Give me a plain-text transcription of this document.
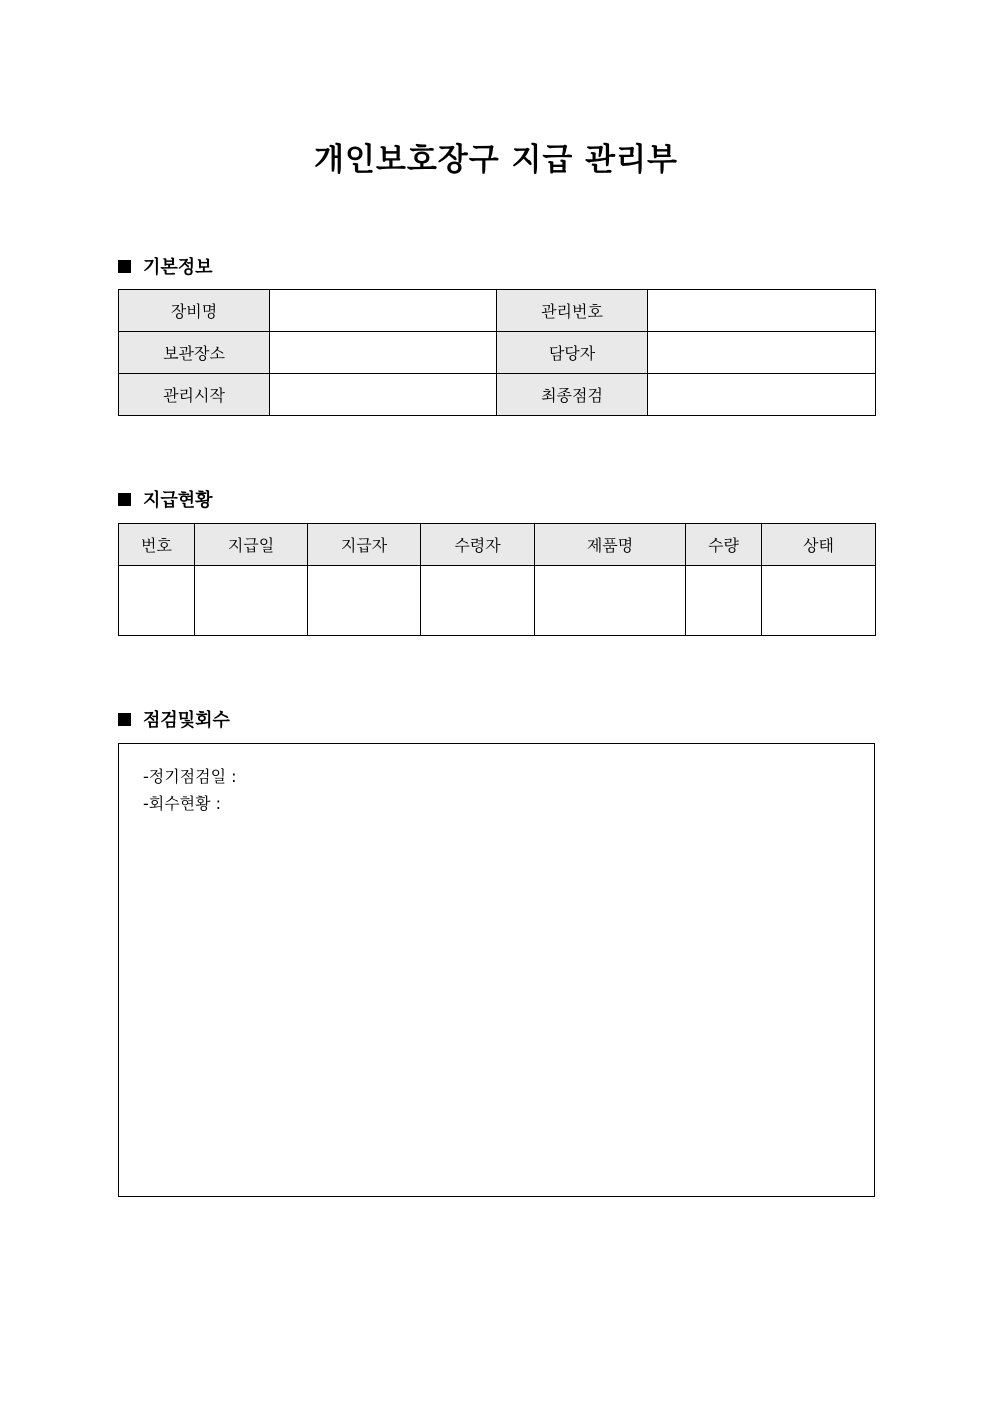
개인보호장구 지급 관리부
기본정보
장비명		관리번호	
보관장소		담당자	
관리시작		최종점검	
지급현황
번호	지급일	지급자	수령자	제품명	수량	상태

점검및회수
-정기점검일 :
-회수현황 :
